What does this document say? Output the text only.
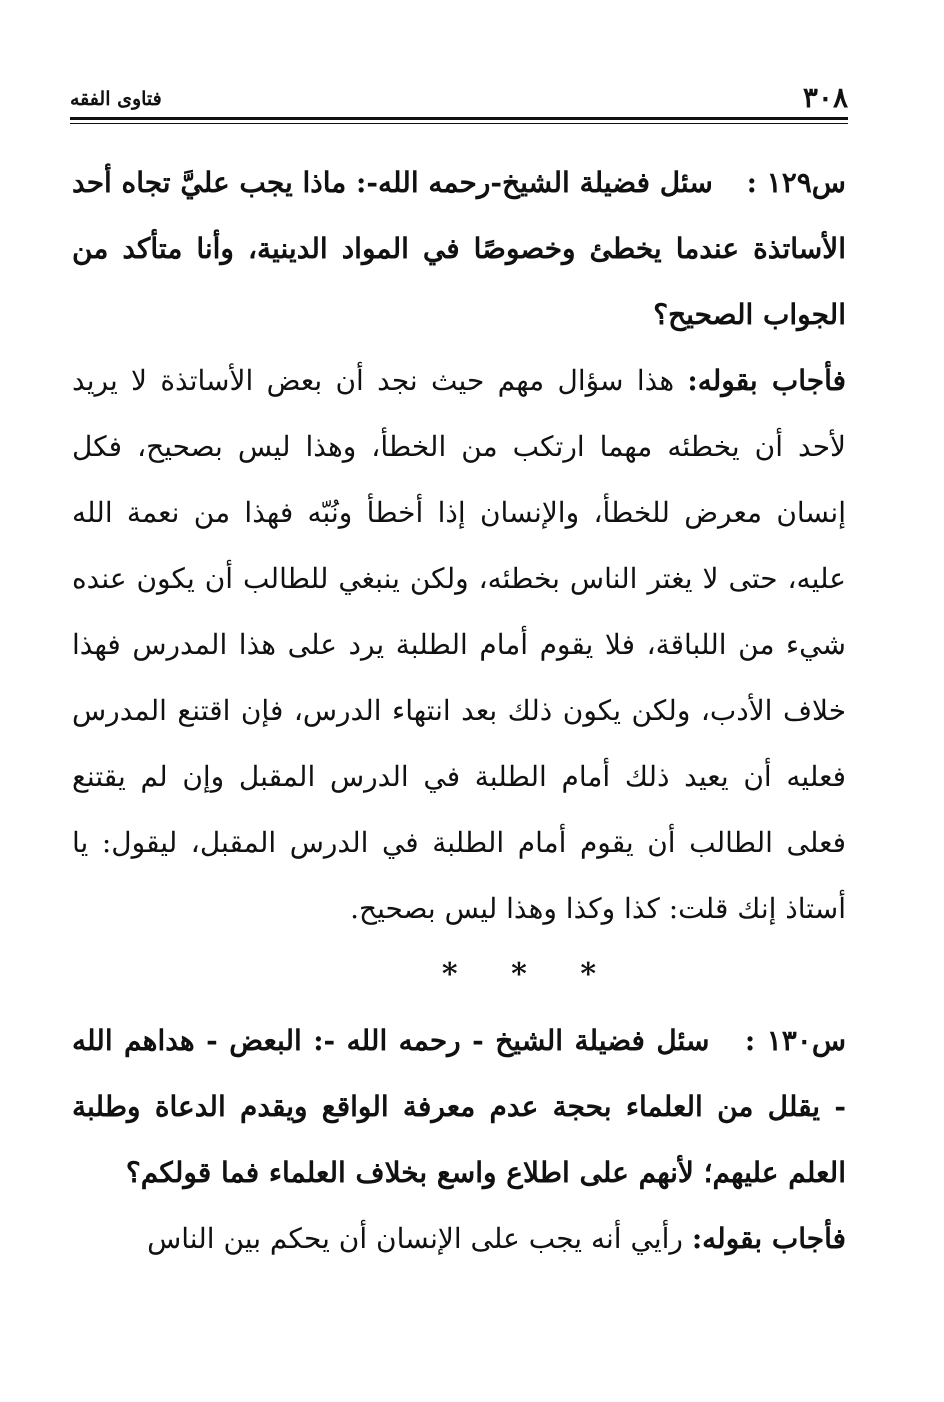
٣٠٨
فتاوى الفقه

س١٢٩ : سئل فضيلة الشيخ-رحمه الله-: ماذا يجب عليَّ تجاه أحد الأساتذة عندما يخطئ وخصوصًا في المواد الدينية، وأنا متأكد من الجواب الصحيح؟

فأجاب بقوله: هذا سؤال مهم حيث نجد أن بعض الأساتذة لا يريد لأحد أن يخطئه مهما ارتكب من الخطأ، وهذا ليس بصحيح، فكل إنسان معرض للخطأ، والإنسان إذا أخطأ ونُبّه فهذا من نعمة الله عليه، حتى لا يغتر الناس بخطئه، ولكن ينبغي للطالب أن يكون عنده شيء من اللباقة، فلا يقوم أمام الطلبة يرد على هذا المدرس فهذا خلاف الأدب، ولكن يكون ذلك بعد انتهاء الدرس، فإن اقتنع المدرس فعليه أن يعيد ذلك أمام الطلبة في الدرس المقبل وإن لم يقتنع فعلى الطالب أن يقوم أمام الطلبة في الدرس المقبل، ليقول: يا أستاذ إنك قلت: كذا وكذا وهذا ليس بصحيح.

* * *

س١٣٠ : سئل فضيلة الشيخ - رحمه الله -: البعض - هداهم الله - يقلل من العلماء بحجة عدم معرفة الواقع ويقدم الدعاة وطلبة العلم عليهم؛ لأنهم على اطلاع واسع بخلاف العلماء فما قولكم؟

فأجاب بقوله: رأيي أنه يجب على الإنسان أن يحكم بين الناس
